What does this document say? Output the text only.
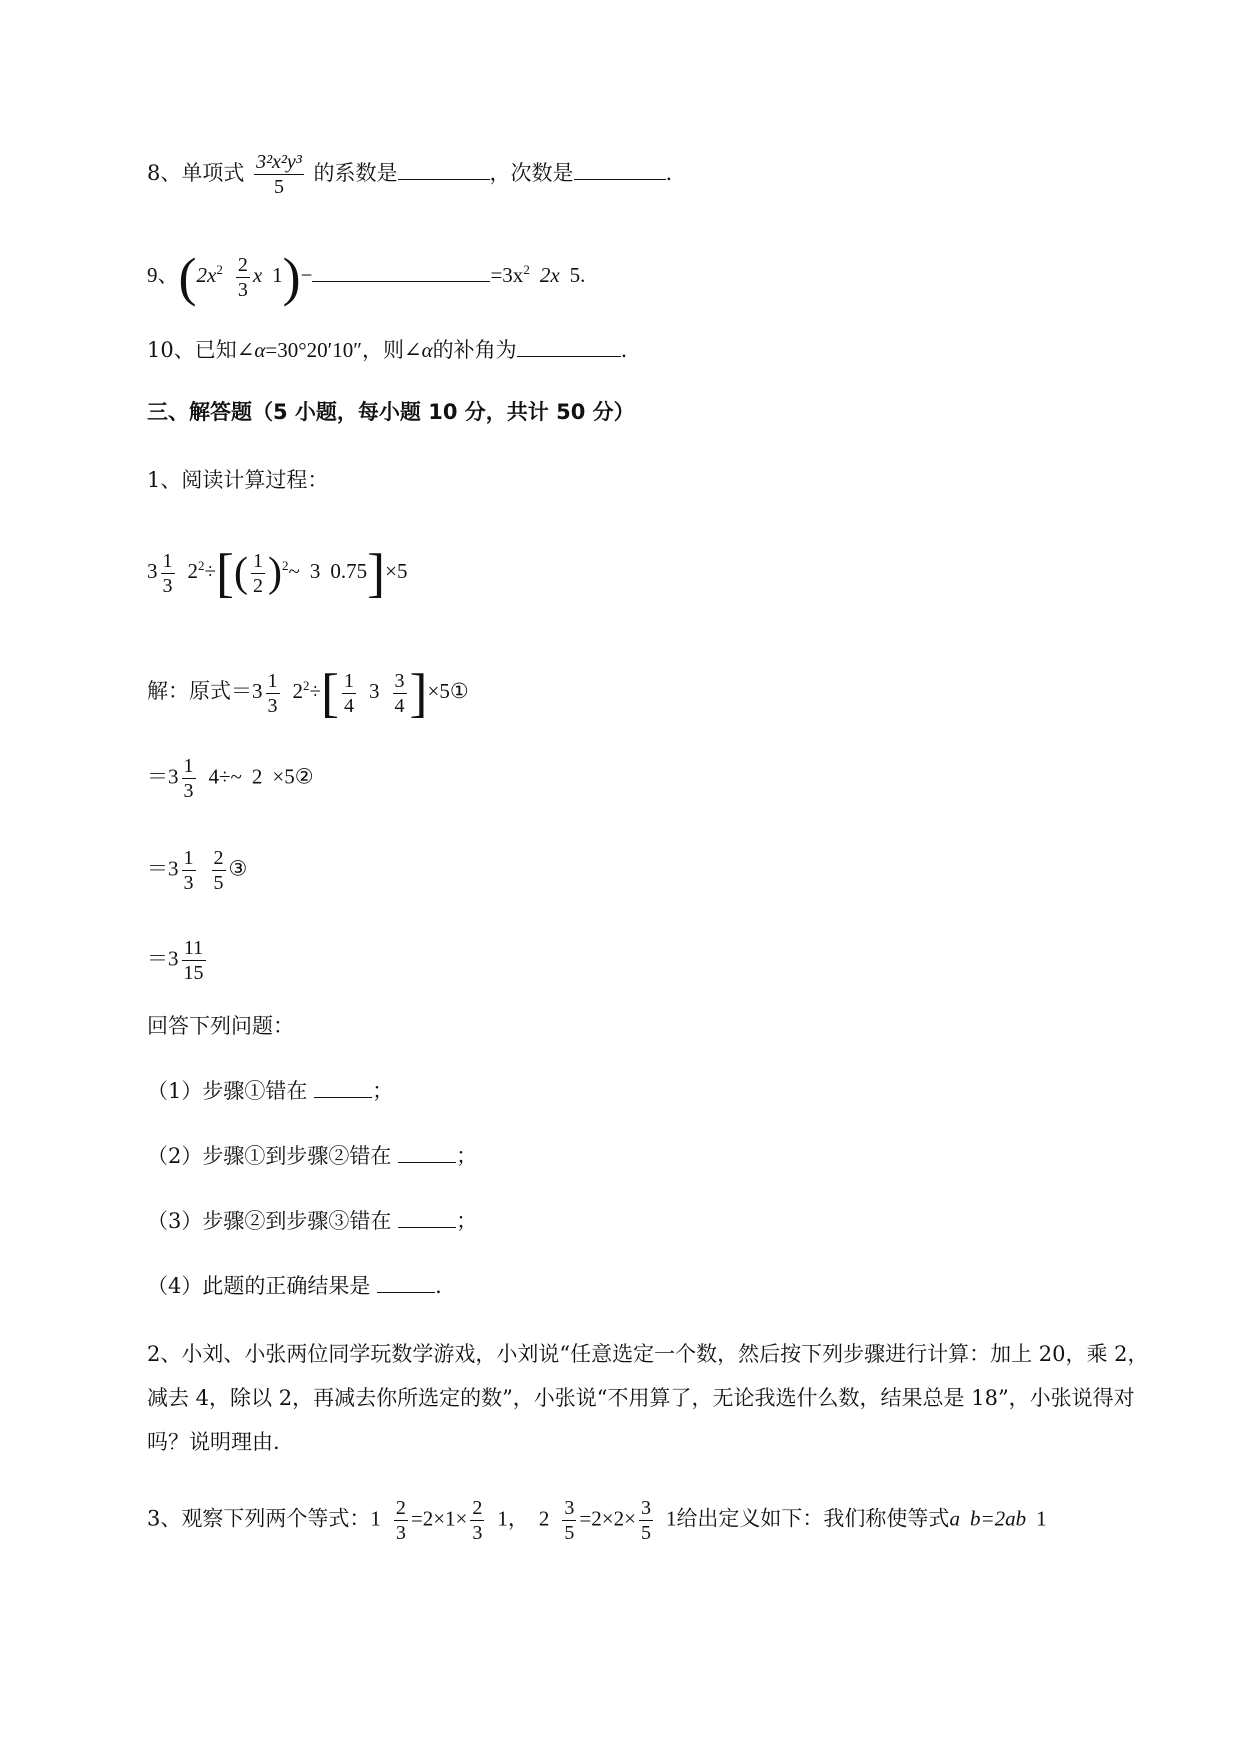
8、单项式 $\frac{\text{3²x²y³}}{5}$ 的系数是	，次数是	.
9、($2x^2 \frac{2}{3}$ x 1)−	$=3x^2$ 2x 5.
10、已知∠α=30°20′10″，则∠α的补角为	.
三、解答题（5 小题，每小题 10 分，共计 50 分）
1、阅读计算过程：
$3 \frac{1}{3} 2^2\div[( \frac{1}{2}$ )$^2\sim$ 3 0.75]×5
解：原式$=3 \frac{1}{3} 2^2\div[ \frac{1}{4} 3 \frac{3}{4}$ ]×5①
$=3 \frac{1}{3}$ 4÷~ 2 ×5②
$=3 \frac{1}{3} \frac{2}{5}$ ③
$=3 \frac{11}{15}$
回答下列问题：
（1）步骤①错在	；
（2）步骤①到步骤②错在	；
（3）步骤②到步骤③错在	；
（4）此题的正确结果是	.
2、小刘、小张两位同学玩数学游戏，小刘说“任意选定一个数，然后按下列步骤进行计算：加上 20，乘 2，减去 4，除以 2，再减去你所选定的数”，小张说“不用算了，无论我选什么数，结果总是 18”，小张说得对吗？说明理由.
3、观察下列两个等式：$1 \frac{2}{3} =2\times 1\times \frac{2}{3} 1$， $2 \frac{3}{5} =2\times 2\times \frac{3}{5} 1$给出定义如下：我们称使等式a b=2ab 1
